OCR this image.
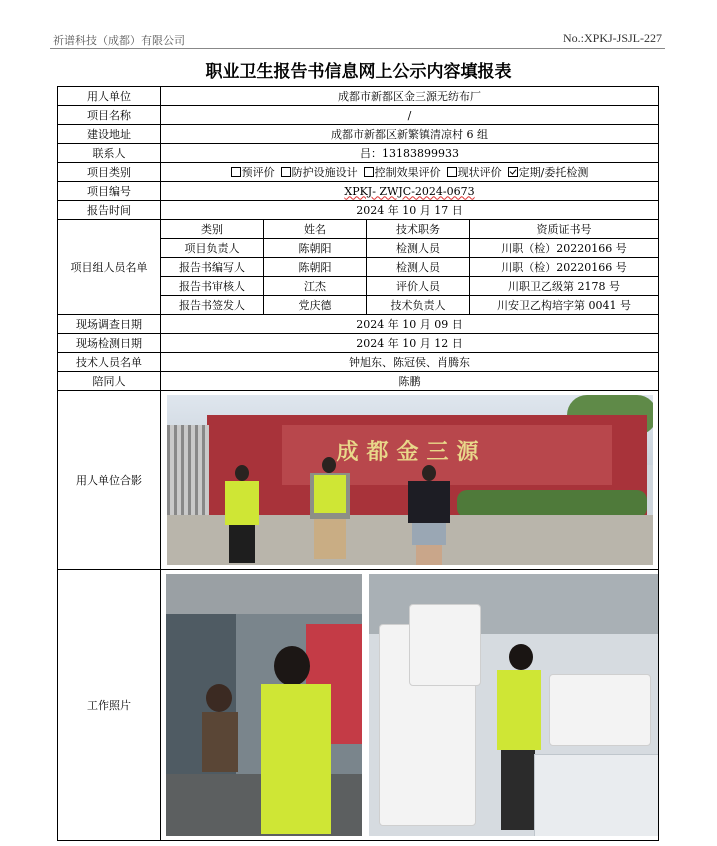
祈谱科技（成都）有限公司	No.:XPKJ-JSJL-227
职业卫生报告书信息网上公示内容填报表
用人单位	成都市新都区金三源无纺布厂			
项目名称	/			
建设地址	成都市新都区新繁镇清凉村 6 组			
联系人	吕：13183899933			
项目类别	预评价 防护设施设计 控制效果评价 现状评价 定期/委托检测			
项目编号	XPKJ- ZWJC-2024-0673			
报告时间	2024 年 10 月 17 日			
项目组人员名单	类别	姓名	技术职务	资质证书号
	项目负责人	陈朝阳	检测人员	川职（检）20220166 号
	报告书编写人	陈朝阳	检测人员	川职（检）20220166 号
	报告书审核人	江杰	评价人员	川职卫乙级第 2178 号
	报告书签发人	党庆德	技术负责人	川安卫乙构培字第 0041 号
现场调查日期	2024 年 10 月 09 日			
现场检测日期	2024 年 10 月 12 日			
技术人员名单	钟旭东、陈冠侯、肖腾东			
陪同人	陈鹏			
用人单位合影	成都金三源			

工作照片				
